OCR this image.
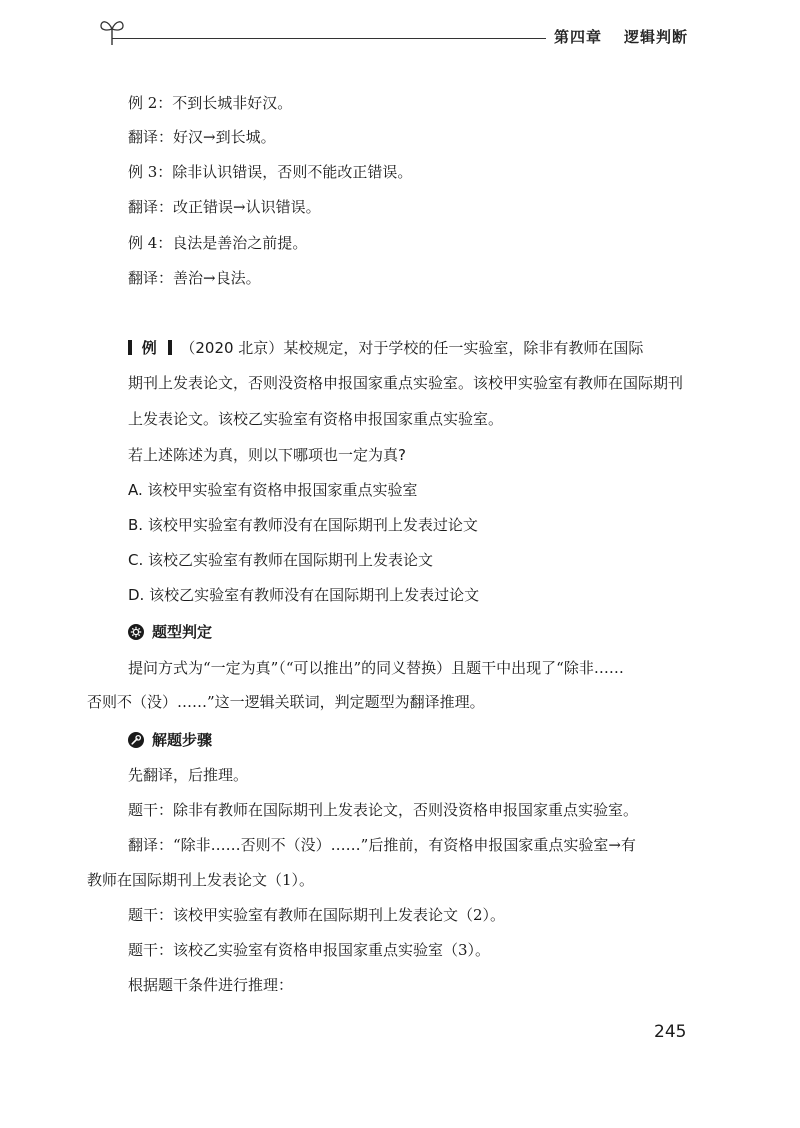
第四章 逻辑判断
例 2：不到长城非好汉。
翻译：好汉→到长城。
例 3：除非认识错误，否则不能改正错误。
翻译：改正错误→认识错误。
例 4：良法是善治之前提。
翻译：善治→良法。
例 （2020 北京）某校规定，对于学校的任一实验室，除非有教师在国际
期刊上发表论文，否则没资格申报国家重点实验室。该校甲实验室有教师在国际期刊
上发表论文。该校乙实验室有资格申报国家重点实验室。
若上述陈述为真，则以下哪项也一定为真?
A. 该校甲实验室有资格申报国家重点实验室
B. 该校甲实验室有教师没有在国际期刊上发表过论文
C. 该校乙实验室有教师在国际期刊上发表论文
D. 该校乙实验室有教师没有在国际期刊上发表过论文
题型判定
提问方式为“一定为真”（“可以推出”的同义替换）且题干中出现了“除非……
否则不（没）……”这一逻辑关联词，判定题型为翻译推理。
解题步骤
先翻译，后推理。
题干：除非有教师在国际期刊上发表论文，否则没资格申报国家重点实验室。
翻译：“除非……否则不（没）……”后推前，有资格申报国家重点实验室→有
教师在国际期刊上发表论文（1）。
题干：该校甲实验室有教师在国际期刊上发表论文（2）。
题干：该校乙实验室有资格申报国家重点实验室（3）。
根据题干条件进行推理：
245
